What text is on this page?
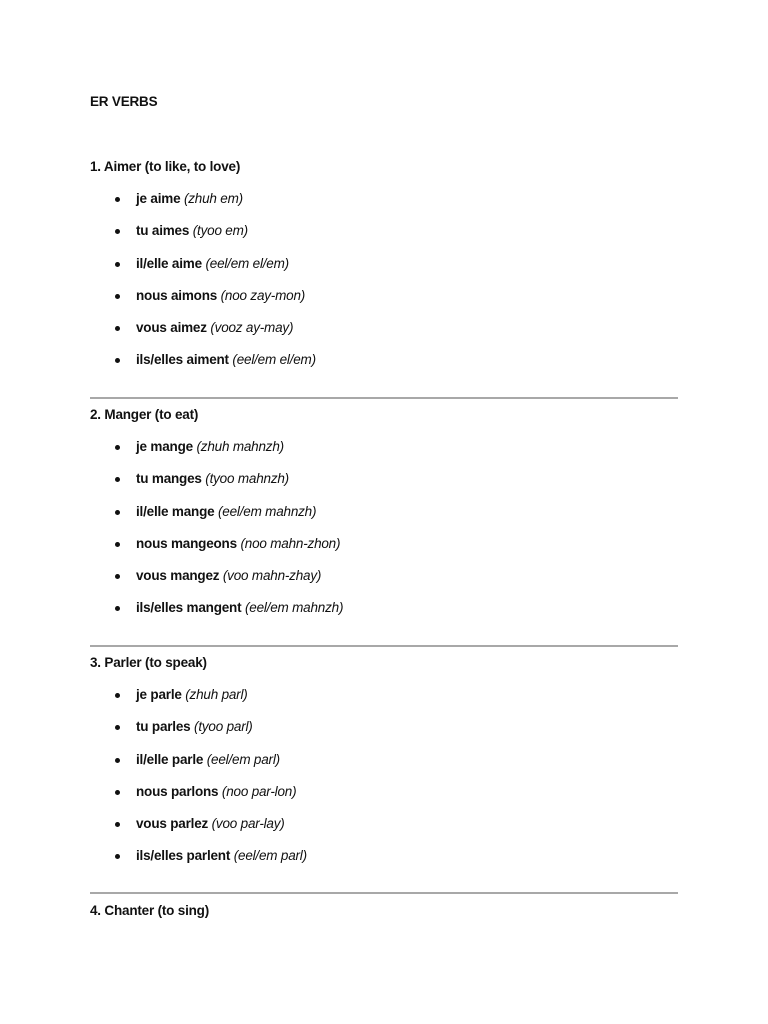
ER VERBS
1. Aimer (to like, to love)
je aime (zhuh em)
tu aimes (tyoo em)
il/elle aime (eel/em el/em)
nous aimons (noo zay-mon)
vous aimez (vooz ay-may)
ils/elles aiment (eel/em el/em)
2. Manger (to eat)
je mange (zhuh mahnzh)
tu manges (tyoo mahnzh)
il/elle mange (eel/em mahnzh)
nous mangeons (noo mahn-zhon)
vous mangez (voo mahn-zhay)
ils/elles mangent (eel/em mahnzh)
3. Parler (to speak)
je parle (zhuh parl)
tu parles (tyoo parl)
il/elle parle (eel/em parl)
nous parlons (noo par-lon)
vous parlez (voo par-lay)
ils/elles parlent (eel/em parl)
4. Chanter (to sing)
